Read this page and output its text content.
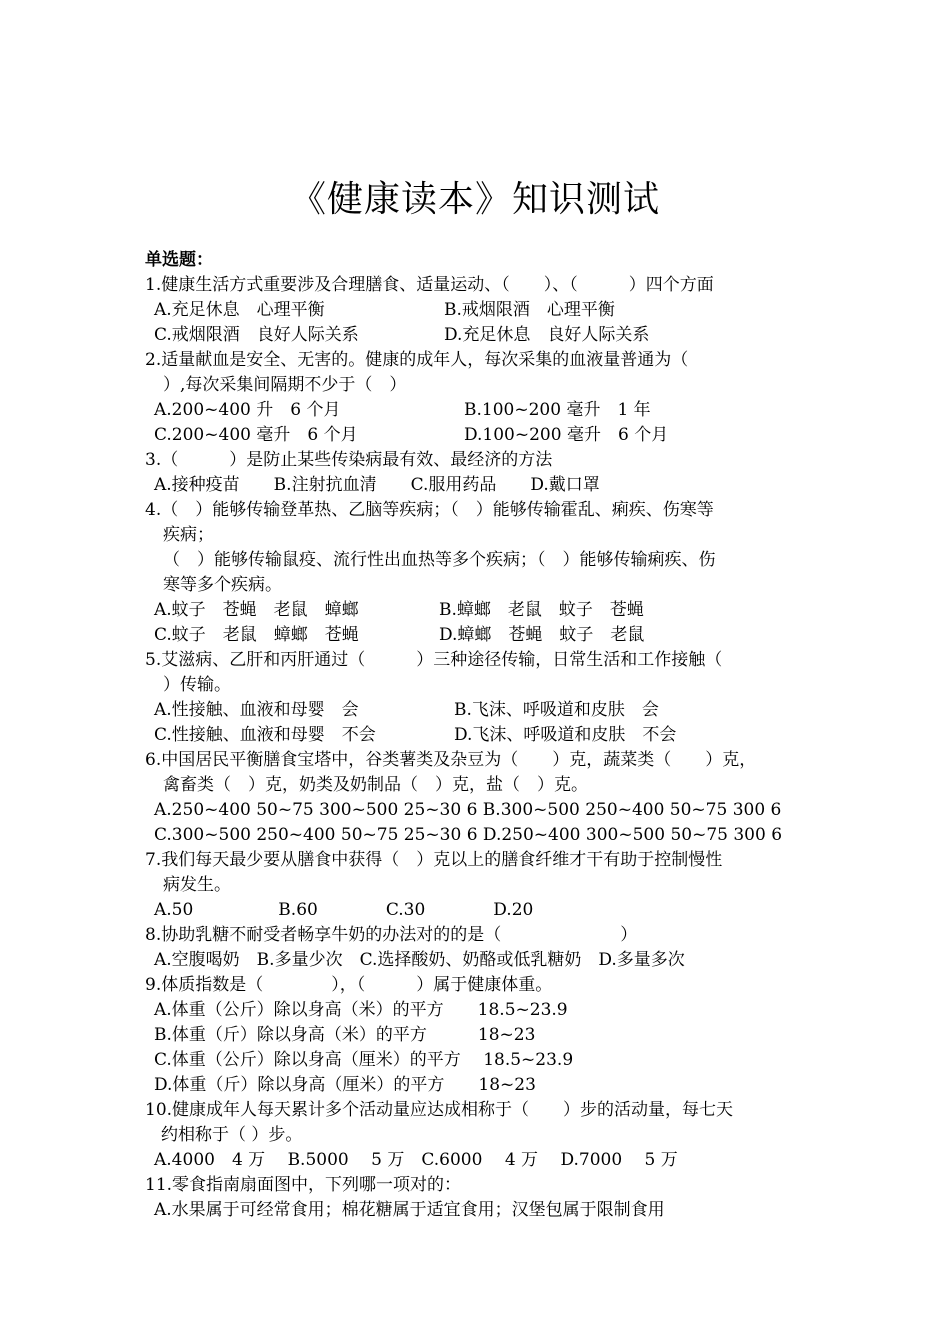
《健康读本》知识测试
单选题：
1.健康生活方式重要涉及合理膳食、适量运动、（　　）、（　　　）四个方面
A.充足休息　心理平衡	B.戒烟限酒　心理平衡
C.戒烟限酒　良好人际关系	D.充足休息　良好人际关系
2.适量献血是安全、无害的。健康的成年人，每次采集的血液量普通为（
）,每次采集间隔期不少于（　）
A.200~400 升　6 个月	B.100~200 毫升　1 年
C.200~400 毫升　6 个月	D.100~200 毫升　6 个月
3.（　　　）是防止某些传染病最有效、最经济的方法
A.接种疫苗　　B.注射抗血清　　C.服用药品　　D.戴口罩
4.（　）能够传输登革热、乙脑等疾病；（　）能够传输霍乱、痢疾、伤寒等
疾病；
（　）能够传输鼠疫、流行性出血热等多个疾病；（　）能够传输痢疾、伤
寒等多个疾病。
A.蚊子　苍蝇　老鼠　蟑螂	B.蟑螂　老鼠　蚊子　苍蝇
C.蚊子　老鼠　蟑螂　苍蝇	D.蟑螂　苍蝇　蚊子　老鼠
5.艾滋病、乙肝和丙肝通过（　　　）三种途径传输，日常生活和工作接触（
）传输。
A.性接触、血液和母婴　会	B.飞沫、呼吸道和皮肤　会
C.性接触、血液和母婴　不会	D.飞沫、呼吸道和皮肤　不会
6.中国居民平衡膳食宝塔中，谷类薯类及杂豆为（　　）克，蔬菜类（　　）克，
禽畜类（　）克，奶类及奶制品（　）克，盐（　）克。
A.250~400 50~75 300~500 25~30 6 B.300~500 250~400 50~75 300 6
C.300~500 250~400 50~75 25~30 6 D.250~400 300~500 50~75 300 6
7.我们每天最少要从膳食中获得（　）克以上的膳食纤维才干有助于控制慢性
病发生。
A.50　　　　　B.60　　　　C.30　　　　D.20
8.协助乳糖不耐受者畅享牛奶的办法对的的是（　　　　　　　）
A.空腹喝奶　B.多量少次　C.选择酸奶、奶酪或低乳糖奶　D.多量多次
9.体质指数是（　　　　），（　　　）属于健康体重。
A.体重（公斤）除以身高（米）的平方　　18.5~23.9
B.体重（斤）除以身高（米）的平方　　　18~23
C.体重（公斤）除以身高（厘米）的平方　 18.5~23.9
D.体重（斤）除以身高（厘米）的平方　　18~23
10.健康成年人每天累计多个活动量应达成相称于（　　）步的活动量，每七天
约相称于（ ）步。
A.4000　4 万　 B.5000　 5 万　C.6000　 4 万　 D.7000　 5 万
11.零食指南扇面图中，下列哪一项对的：
A.水果属于可经常食用；棉花糖属于适宜食用；汉堡包属于限制食用
